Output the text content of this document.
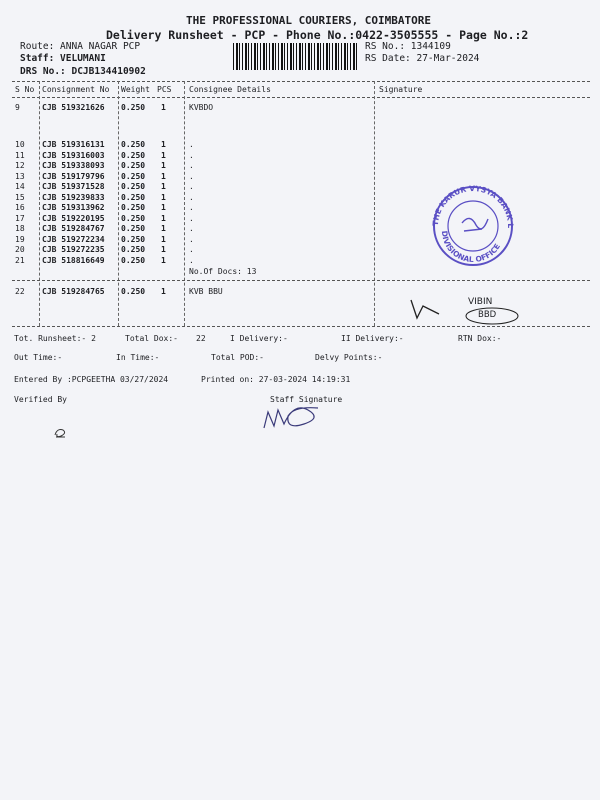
THE PROFESSIONAL COURIERS, COIMBATORE
Delivery Runsheet - PCP - Phone No.:0422-3505555 - Page No.:2
Route: ANNA NAGAR PCP
Staff: VELUMANI
DRS No.: DCJB134410902
RS No.: 1344109
RS Date: 27-Mar-2024
S No Consignment No Weight PCS Consignee Details	Signature
9	CJB 519321626 0.250 1	KVBDO
10 CJB 519316131 0.250 1	.
11 CJB 519316003 0.250 1	.
12 CJB 519338093 0.250 1	.
13 CJB 519179796 0.250 1	.
14 CJB 519371528 0.250 1	.
15 CJB 519239833 0.250 1	.
16 CJB 519313962 0.250 1	.
17 CJB 519220195 0.250 1	.
18 CJB 519284767 0.250 1	.
19 CJB 519272234 0.250 1	.
20 CJB 519272235 0.250 1	.
21 CJB 518816649 0.250 1	.
No.Of Docs: 13
22 CJB 519284765 0.250 1	KVB BBU
THE KARUR VYSYA BANK L
DIVISIONAL OFFICE
VIBIN
BBD
Tot. Runsheet:- 2	Total Dox:- 22	I Delivery:-	II Delivery:-	RTN Dox:-
Out Time:-	In Time:-	Total POD:-	Delvy Points:-
Entered By :PCPGEETHA 03/27/2024	Printed on: 27-03-2024 14:19:31
Verified By	Staff Signature
